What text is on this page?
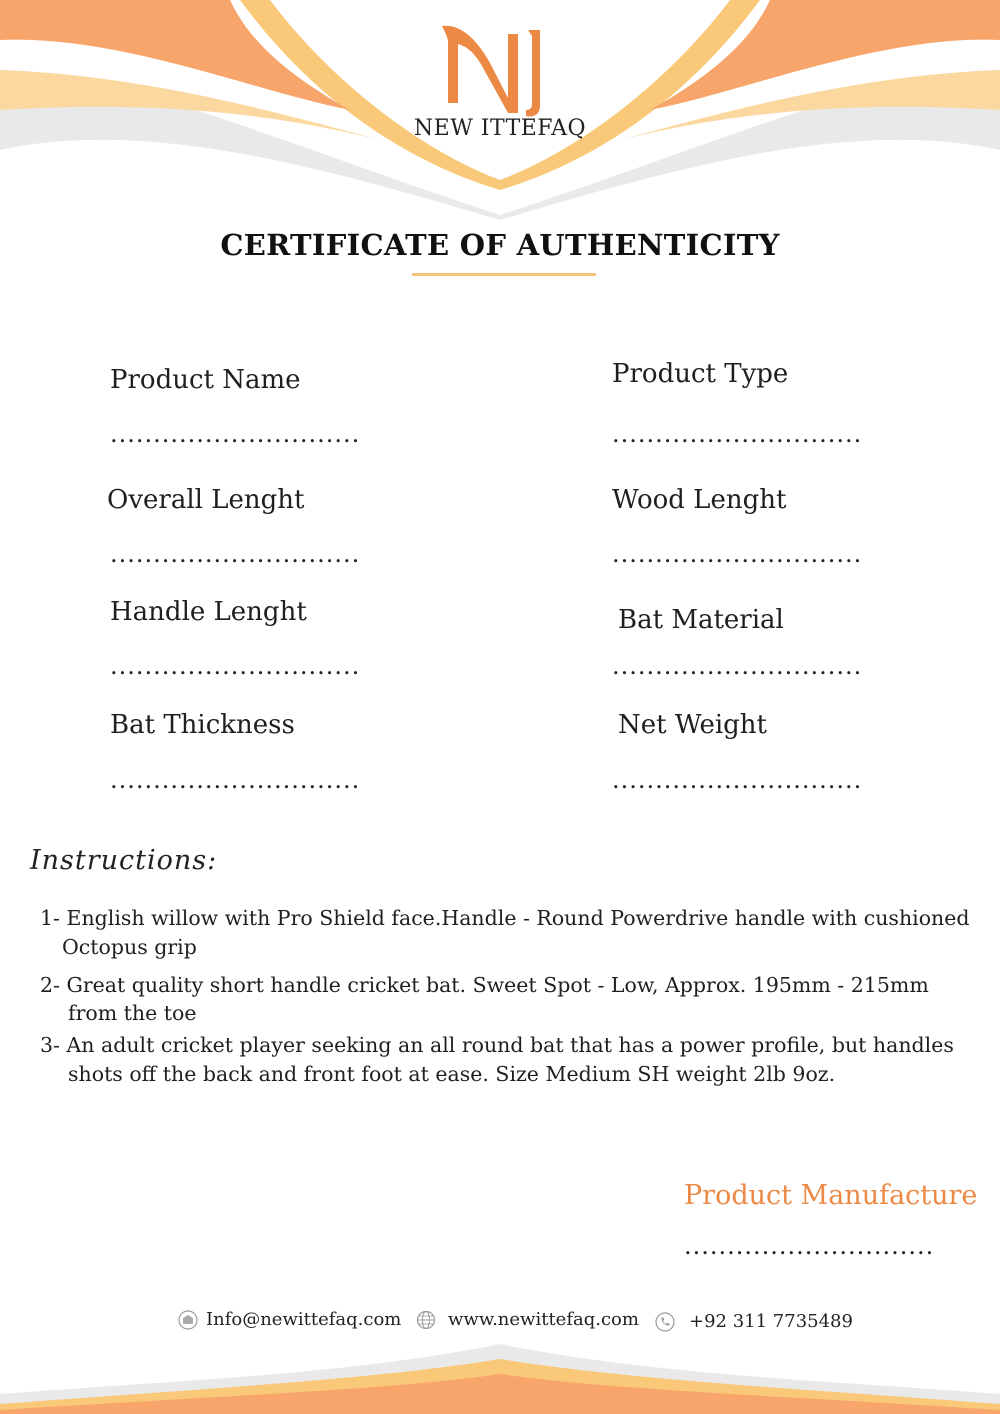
NEW ITTEFAQ
CERTIFICATE OF AUTHENTICITY
Product Name
.............................
Overall Lenght
.............................
Handle Lenght
.............................
Bat Thickness
.............................
Product Type
.............................
Wood Lenght
.............................
Bat Material
.............................
Net Weight
.............................
Instructions:
1- English willow with Pro Shield face.Handle - Round Powerdrive handle with cushioned
Octopus grip
2- Great quality short handle cricket bat. Sweet Spot - Low, Approx. 195mm - 215mm
from the toe
3- An adult cricket player seeking an all round bat that has a power profile, but handles
shots off the back and front foot at ease. Size Medium SH weight 2lb 9oz.
Product Manufacture
.............................
Info@newittefaq.com	www.newittefaq.com	+92 311 7735489
